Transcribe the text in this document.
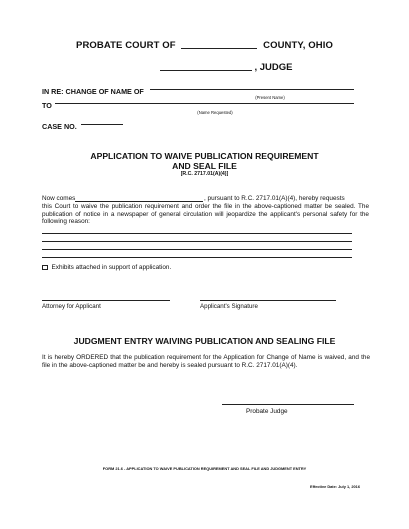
PROBATE COURT OF	COUNTY, OHIO
, JUDGE
IN RE: CHANGE OF NAME OF
(Present Name)
TO
(Name Requested)
CASE NO.
APPLICATION TO WAIVE PUBLICATION REQUIREMENT
AND SEAL FILE
[R.C. 2717.01(A)(4)]
Now comes	, pursuant to R.C. 2717.01(A)(4), hereby requests
this Court to waive the publication requirement and order the file in the above-captioned matter be sealed. The publication of notice in a newspaper of general circulation will jeopardize the applicant's personal safety for the following reason:
Exhibits attached in support of application.
Attorney for Applicant	Applicant's Signature
JUDGMENT ENTRY WAIVING PUBLICATION AND SEALING FILE
It is hereby ORDERED that the publication requirement for the Application for Change of Name is waived, and the file in the above-captioned matter be and hereby is sealed pursuant to R.C. 2717.01(A)(4).
Probate Judge
FORM 21.6 - APPLICATION TO WAIVE PUBLICATION REQUIREMENT AND SEAL FILE AND JUDGMENT ENTRY
Effective Date: July 1, 2016
